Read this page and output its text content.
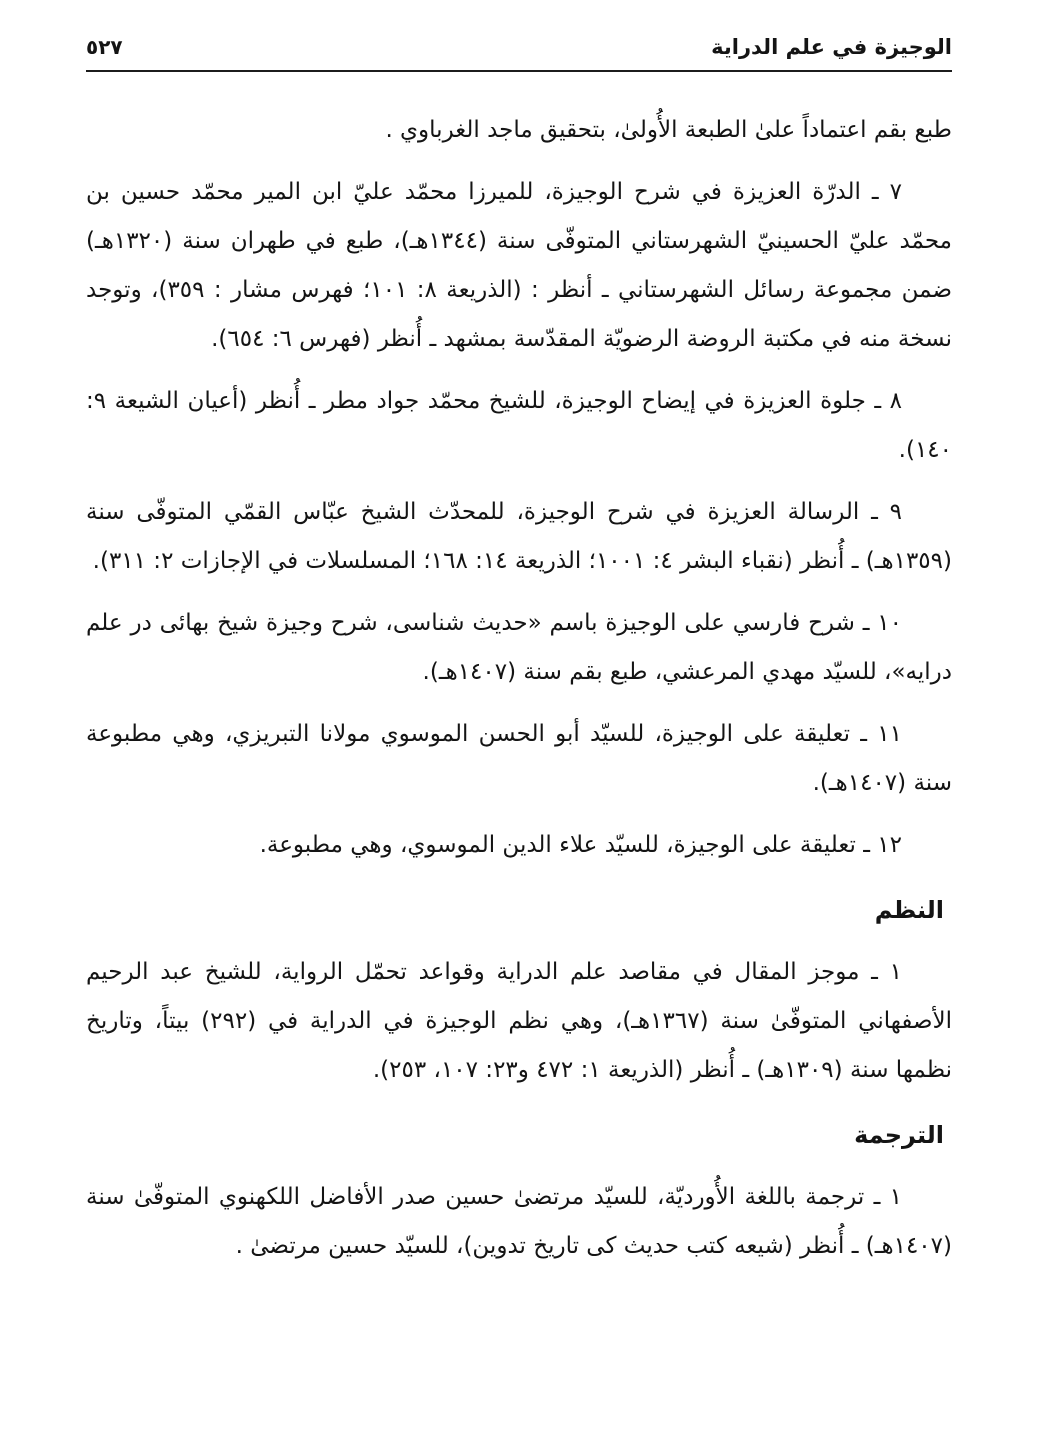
الوجيزة في علم الدراية
٥٢٧

طبع بقم اعتماداً علىٰ الطبعة الأُولىٰ، بتحقيق ماجد الغرباوي .

٧ ـ الدرّة العزيزة في شرح الوجيزة، للميرزا محمّد عليّ ابن المير محمّد حسين بن محمّد عليّ الحسينيّ الشهرستاني المتوفّى سنة (١٣٤٤هـ)، طبع في طهران سنة (١٣٢٠هـ) ضمن مجموعة رسائل الشهرستاني ـ أنظر : (الذريعة ٨: ١٠١؛ فهرس مشار : ٣٥٩)، وتوجد نسخة منه في مكتبة الروضة الرضويّة المقدّسة بمشهد ـ أُنظر (فهرس ٦: ٦٥٤).

٨ ـ جلوة العزيزة في إيضاح الوجيزة، للشيخ محمّد جواد مطر ـ أُنظر (أعيان الشيعة ٩: ١٤٠).

٩ ـ الرسالة العزيزة في شرح الوجيزة، للمحدّث الشيخ عبّاس القمّي المتوفّى سنة (١٣٥٩هـ) ـ أُنظر (نقباء البشر ٤: ١٠٠١؛ الذريعة ١٤: ١٦٨؛ المسلسلات في الإجازات ٢: ٣١١).

١٠ ـ شرح فارسي على الوجيزة باسم «حديث شناسى، شرح وجيزة شيخ بهائى در علم درايه»، للسيّد مهدي المرعشي، طبع بقم سنة (١٤٠٧هـ).

١١ ـ تعليقة على الوجيزة، للسيّد أبو الحسن الموسوي مولانا التبريزي، وهي مطبوعة سنة (١٤٠٧هـ).

١٢ ـ تعليقة على الوجيزة، للسيّد علاء الدين الموسوي، وهي مطبوعة.

النظم

١ ـ موجز المقال في مقاصد علم الدراية وقواعد تحمّل الرواية، للشيخ عبد الرحيم الأصفهاني المتوفّىٰ سنة (١٣٦٧هـ)، وهي نظم الوجيزة في الدراية في (٢٩٢) بيتاً، وتاريخ نظمها سنة (١٣٠٩هـ) ـ أُنظر (الذريعة ١: ٤٧٢ و٢٣: ١٠٧، ٢٥٣).

الترجمة

١ ـ ترجمة باللغة الأُورديّة، للسيّد مرتضىٰ حسين صدر الأفاضل اللكهنوي المتوفّىٰ سنة (١٤٠٧هـ) ـ أُنظر (شيعه كتب حديث كى تاريخ تدوين)، للسيّد حسين مرتضىٰ .
